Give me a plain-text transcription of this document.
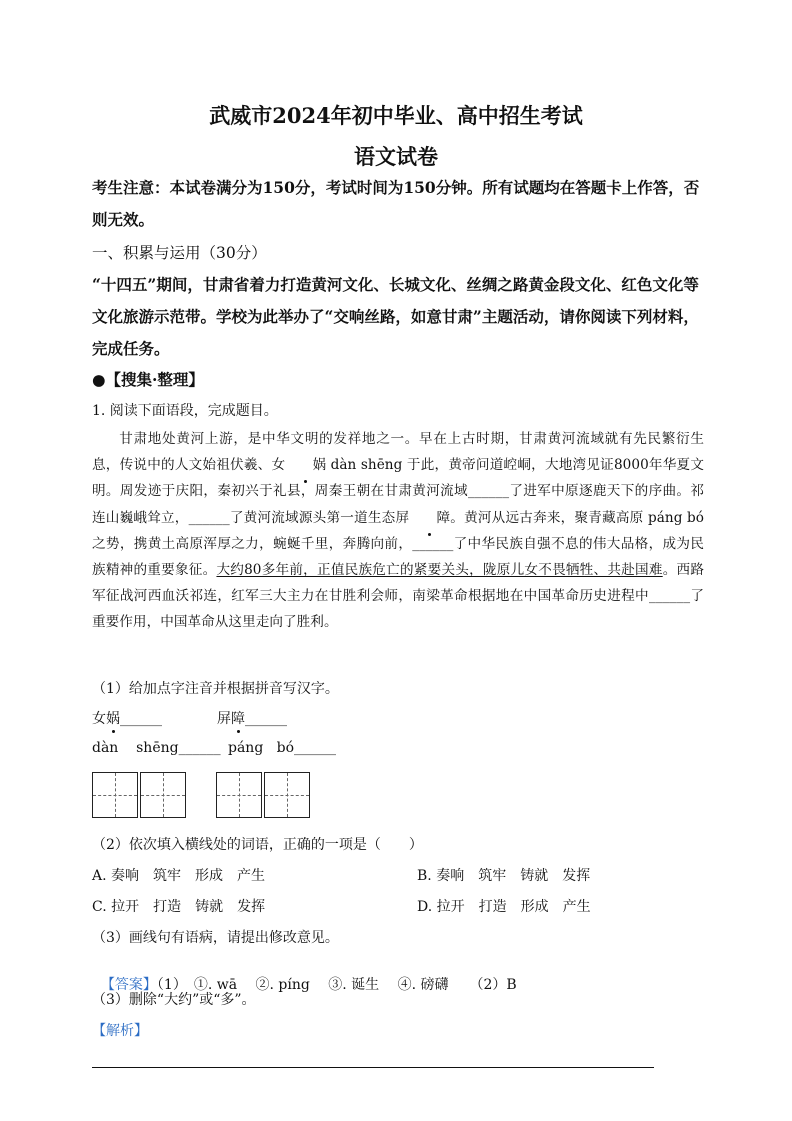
武威市2024年初中毕业、高中招生考试
语文试卷
考生注意：本试卷满分为150分，考试时间为150分钟。所有试题均在答题卡上作答，否则无效。
一、积累与运用（30分）
“十四五”期间，甘肃省着力打造黄河文化、长城文化、丝绸之路黄金段文化、红色文化等文化旅游示范带。学校为此举办了“交响丝路，如意甘肃”主题活动，请你阅读下列材料，完成任务。
●【搜集·整理】
1. 阅读下面语段，完成题目。

甘肃地处黄河上游，是中华文明的发祥地之一。早在上古时期，甘肃黄河流域就有先民繁衍生息，传说中的人文始祖伏羲、女 娲 dàn shēng 于此，黄帝问道崆峒，大地湾见证8000年华夏文明。周发迹于庆阳，秦初兴于礼县，周秦王朝在甘肃黄河流域______了进军中原逐鹿天下的序曲。祁连山巍峨耸立，______了黄河流域源头第一道生态屏 障。黄河从远古奔来，聚青藏高原 páng bó之势，携黄土高原浑厚之力，蜿蜒千里，奔腾向前，______了中华民族自强不息的伟大品格，成为民族精神的重要象征。大约80多年前，正值民族危亡的紧要关头，陇原儿女不畏牺牲、共赴国难。西路军征战河西血沃祁连，红军三大主力在甘胜利会师，南梁革命根据地在中国革命历史进程中______了重要作用，中国革命从这里走向了胜利。

（1）给加点字注音并根据拼音写汉字。
女娲______	屏障______
dàn    shēng______ páng   bó______
（2）依次填入横线处的词语，正确的一项是（　　）
A. 奏响　筑牢　形成　产生	B. 奏响　筑牢　铸就　发挥
C. 拉开　打造　铸就　发挥	D. 拉开　打造　形成　产生
（3）画线句有语病，请提出修改意见。

【答案】（1）　①. wā　 ②. píng　 ③. 诞生　 ④. 磅礴　　（2）B

（3）删除“大约”或“多”。
【解析】
